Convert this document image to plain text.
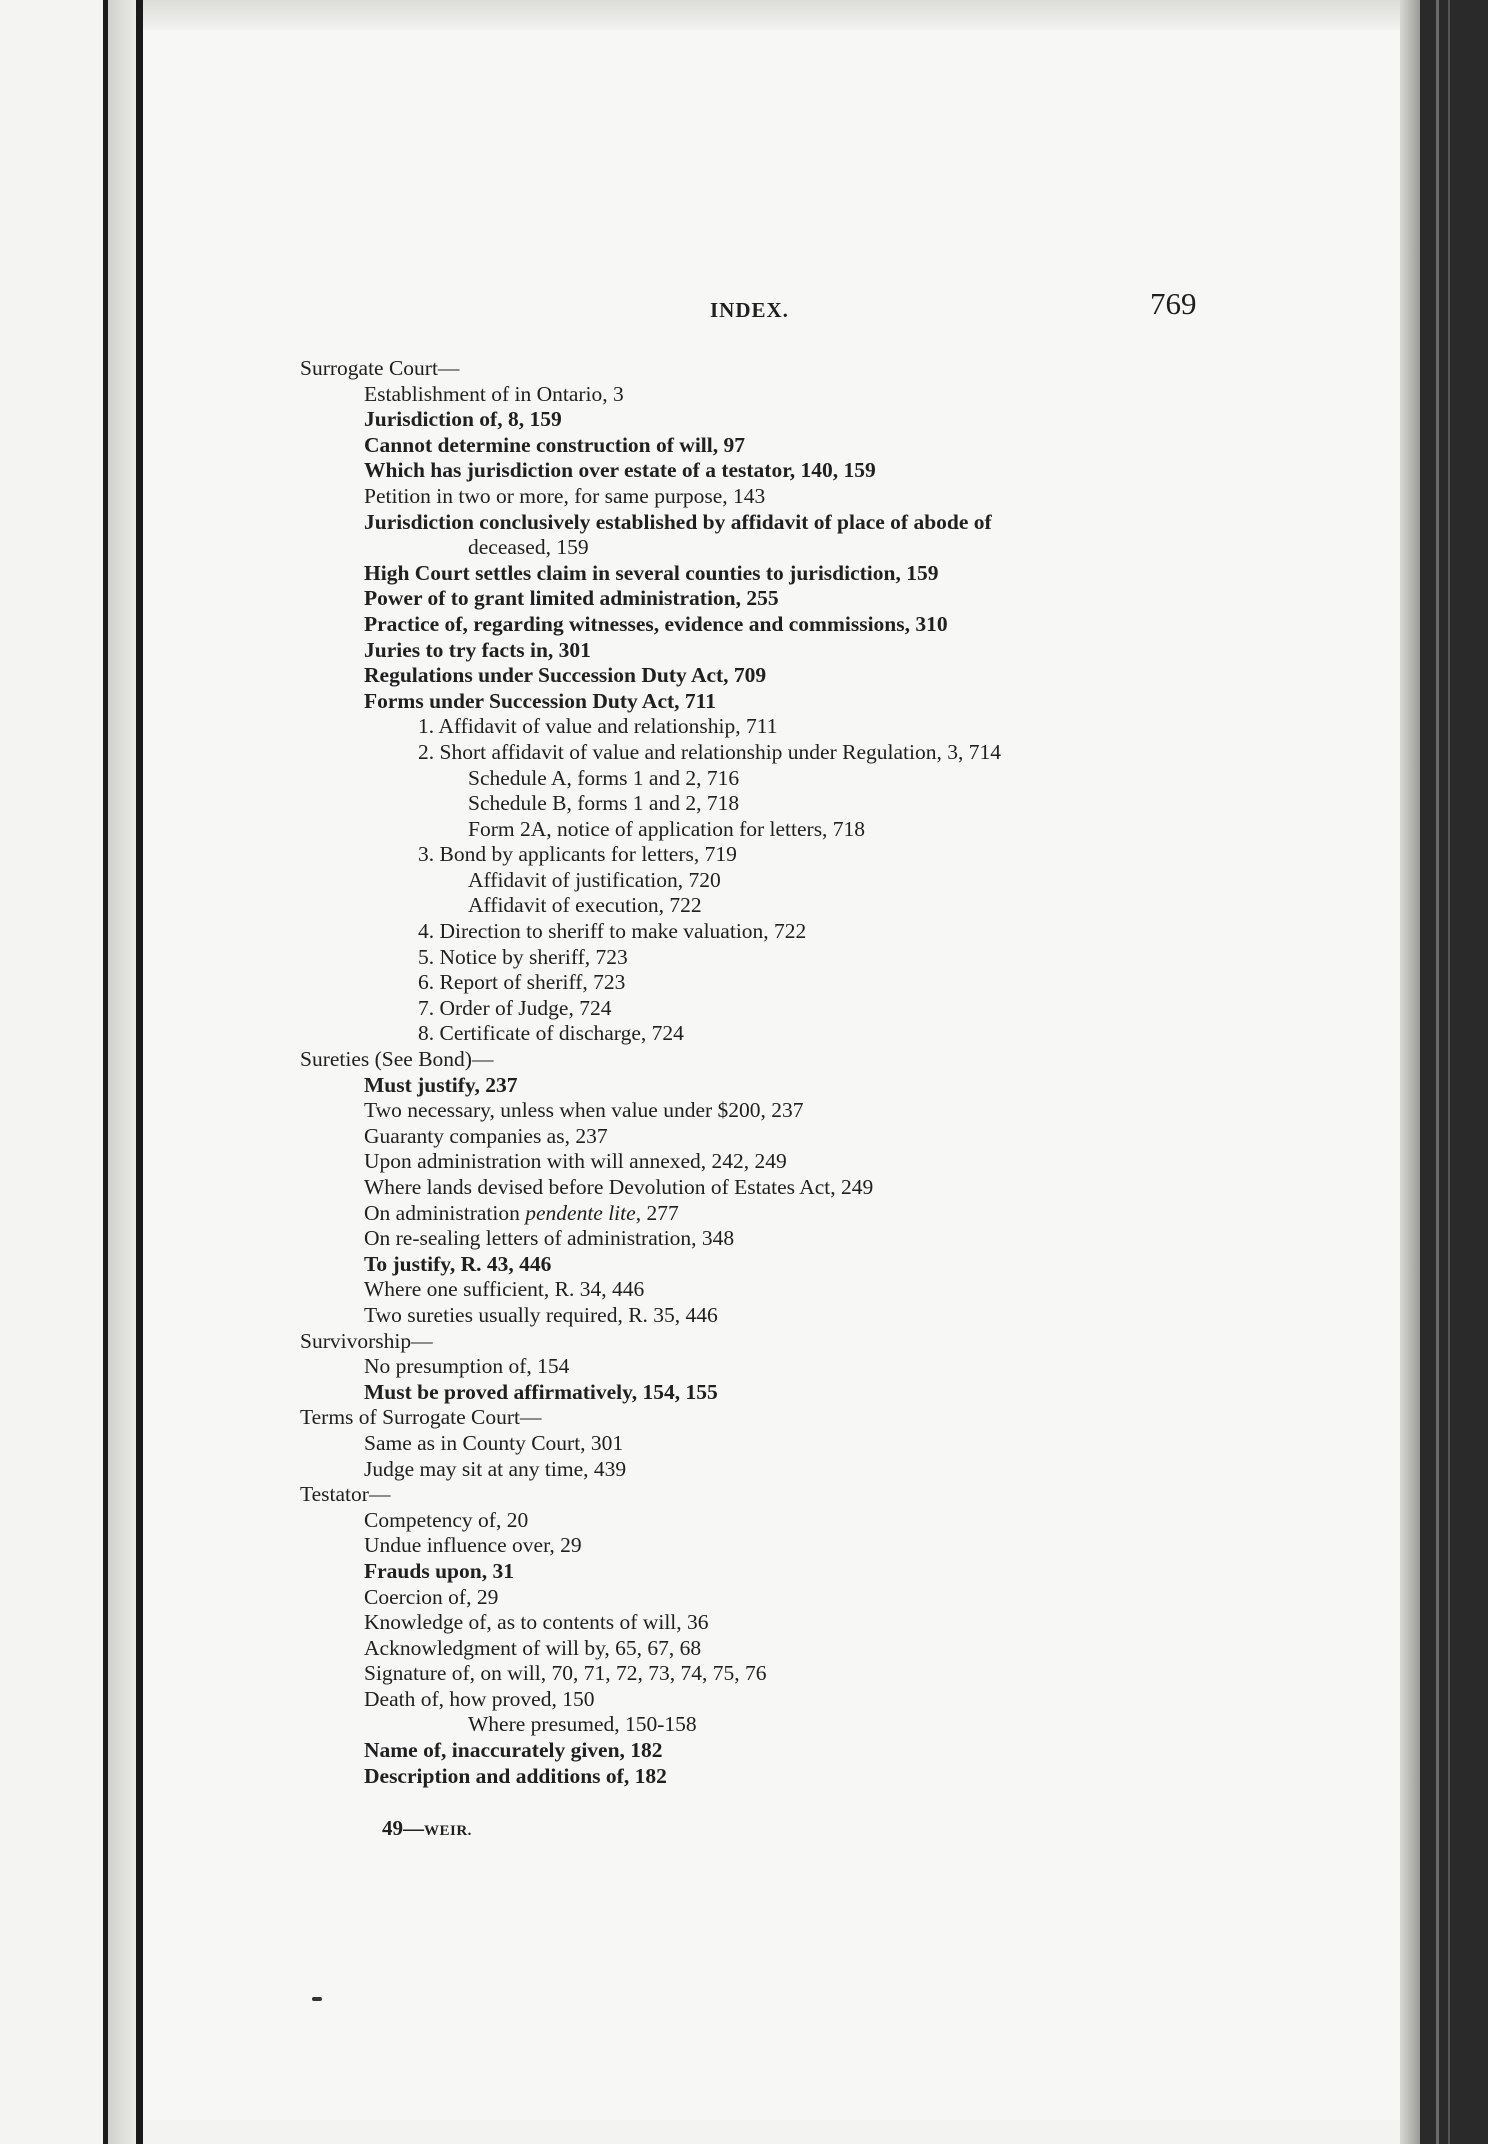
INDEX.	769
Surrogate Court—
Establishment of in Ontario, 3
Jurisdiction of, 8, 159
Cannot determine construction of will, 97
Which has jurisdiction over estate of a testator, 140, 159
Petition in two or more, for same purpose, 143
Jurisdiction conclusively established by affidavit of place of abode of
deceased, 159
High Court settles claim in several counties to jurisdiction, 159
Power of to grant limited administration, 255
Practice of, regarding witnesses, evidence and commissions, 310
Juries to try facts in, 301
Regulations under Succession Duty Act, 709
Forms under Succession Duty Act, 711
1. Affidavit of value and relationship, 711
2. Short affidavit of value and relationship under Regulation, 3, 714
Schedule A, forms 1 and 2, 716
Schedule B, forms 1 and 2, 718
Form 2A, notice of application for letters, 718
3. Bond by applicants for letters, 719
Affidavit of justification, 720
Affidavit of execution, 722
4. Direction to sheriff to make valuation, 722
5. Notice by sheriff, 723
6. Report of sheriff, 723
7. Order of Judge, 724
8. Certificate of discharge, 724
Sureties (See Bond)—
Must justify, 237
Two necessary, unless when value under $200, 237
Guaranty companies as, 237
Upon administration with will annexed, 242, 249
Where lands devised before Devolution of Estates Act, 249
On administration pendente lite, 277
On re-sealing letters of administration, 348
To justify, R. 43, 446
Where one sufficient, R. 34, 446
Two sureties usually required, R. 35, 446
Survivorship—
No presumption of, 154
Must be proved affirmatively, 154, 155
Terms of Surrogate Court—
Same as in County Court, 301
Judge may sit at any time, 439
Testator—
Competency of, 20
Undue influence over, 29
Frauds upon, 31
Coercion of, 29
Knowledge of, as to contents of will, 36
Acknowledgment of will by, 65, 67, 68
Signature of, on will, 70, 71, 72, 73, 74, 75, 76
Death of, how proved, 150
Where presumed, 150-158
Name of, inaccurately given, 182
Description and additions of, 182
49—WEIR.
